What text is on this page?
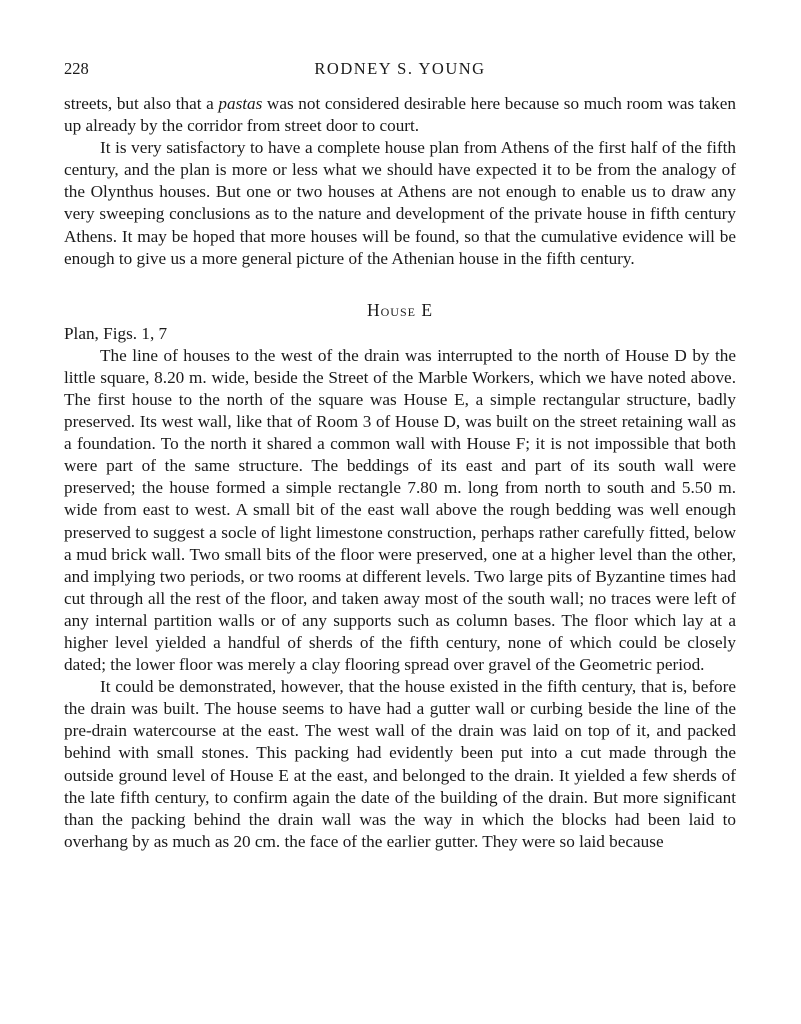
228	RODNEY S. YOUNG

streets, but also that a pastas was not considered desirable here because so much room was taken up already by the corridor from street door to court.

It is very satisfactory to have a complete house plan from Athens of the first half of the fifth century, and the plan is more or less what we should have expected it to be from the analogy of the Olynthus houses. But one or two houses at Athens are not enough to enable us to draw any very sweeping conclusions as to the nature and development of the private house in fifth century Athens. It may be hoped that more houses will be found, so that the cumulative evidence will be enough to give us a more general picture of the Athenian house in the fifth century.

House E
Plan, Figs. 1, 7

The line of houses to the west of the drain was interrupted to the north of House D by the little square, 8.20 m. wide, beside the Street of the Marble Workers, which we have noted above. The first house to the north of the square was House E, a simple rectangular structure, badly preserved. Its west wall, like that of Room 3 of House D, was built on the street retaining wall as a foundation. To the north it shared a common wall with House F; it is not impossible that both were part of the same structure. The beddings of its east and part of its south wall were preserved; the house formed a simple rectangle 7.80 m. long from north to south and 5.50 m. wide from east to west. A small bit of the east wall above the rough bedding was well enough preserved to suggest a socle of light limestone construction, perhaps rather carefully fitted, below a mud brick wall. Two small bits of the floor were preserved, one at a higher level than the other, and implying two periods, or two rooms at different levels. Two large pits of Byzantine times had cut through all the rest of the floor, and taken away most of the south wall; no traces were left of any internal partition walls or of any supports such as column bases. The floor which lay at a higher level yielded a handful of sherds of the fifth century, none of which could be closely dated; the lower floor was merely a clay flooring spread over gravel of the Geometric period.

It could be demonstrated, however, that the house existed in the fifth century, that is, before the drain was built. The house seems to have had a gutter wall or curbing beside the line of the pre-drain watercourse at the east. The west wall of the drain was laid on top of it, and packed behind with small stones. This packing had evidently been put into a cut made through the outside ground level of House E at the east, and belonged to the drain. It yielded a few sherds of the late fifth century, to confirm again the date of the building of the drain. But more significant than the packing behind the drain wall was the way in which the blocks had been laid to overhang by as much as 20 cm. the face of the earlier gutter. They were so laid because
